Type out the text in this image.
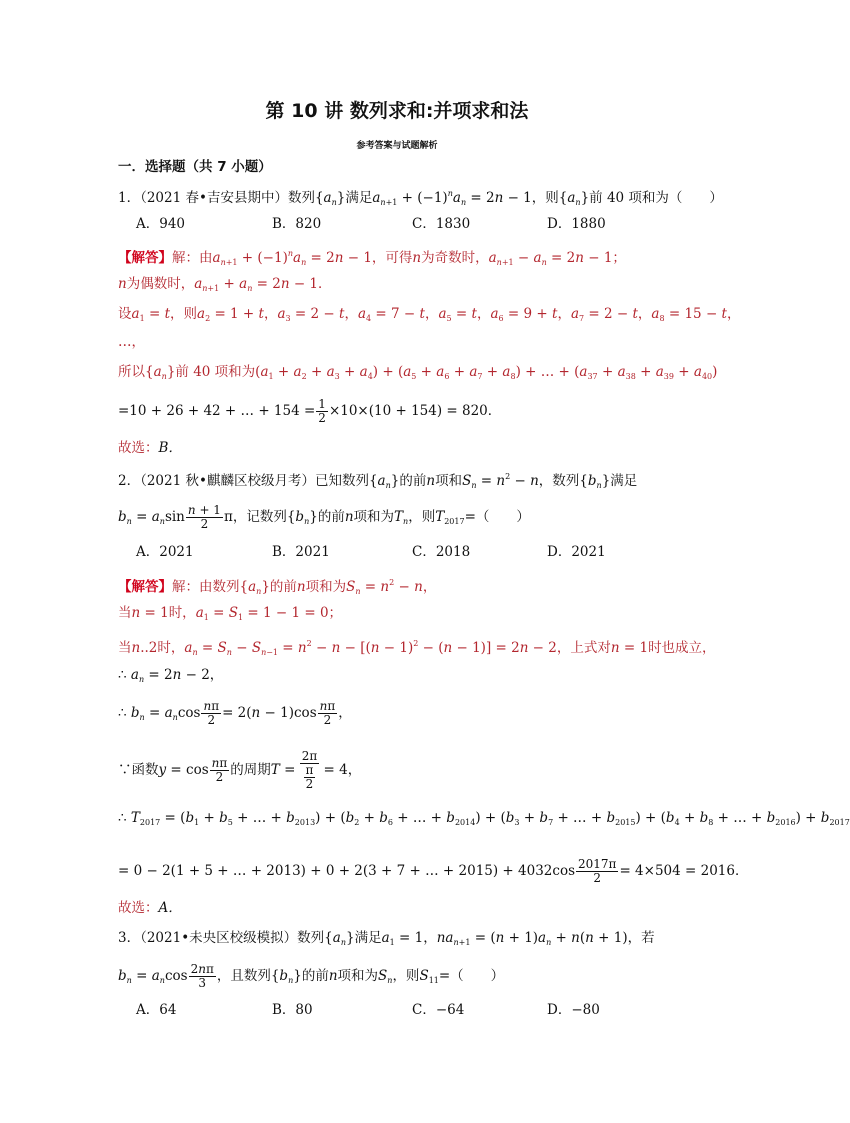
第 10 讲 数列求和:并项求和法
参考答案与试题解析
一．选择题（共 7 小题）
1．（2021 春•吉安县期中）数列$\{a_n\}$满足$a_{n+1} + (-1)^na_n = 2n - 1$，则$\{a_n\}$前 40 项和为（　　）
A．940	B．820	C．1830	D．1880
【解答】解：由$a_{n+1} + (-1)^na_n = 2n - 1$，可得n为奇数时，$a_{n+1} - a_n = 2n - 1$；
n为偶数时，$a_{n+1} + a_n = 2n - 1$．
设$a_1 = t$，则$a_2 = 1 + t$，$a_3 = 2 - t$，$a_4 = 7 - t$，$a_5 = t$，$a_6 = 9 + t$，$a_7 = 2 - t$，$a_8 = 15 - t$，
…，
所以$\{a_n\}$前 40 项和为$(a_1 + a_2 + a_3 + a_4) + (a_5 + a_6 + a_7 + a_8)$ + … + $(a_{37} + a_{38} + a_{39} + a_{40})$
=10 + 26 + 42 + … + $154 = \frac{1}{2} \times 10\times(10 + 154) = 820$．
故选：B．
2．（2021 秋•麒麟区校级月考）已知数列$\{a_n\}$的前n项和$S_n = n^2 - n$，数列$\{b_n\}$满足
$b_n = a_n\sin \frac{n + 1}{2}$ π，记数列$\{b_n\}$的前n项和为$T_n$，则$T_{2017}=$（　　）
A．2021	B．2021	C．2018	D．2021
【解答】解：由数列$\{a_n\}$的前n项和为$S_n = n^2 - n$，
当n = 1时，$a_1 = S_1 = 1 - 1 = 0$；
当n..2时，$a_n = S_n - S_{n-1} = n^2 - n - [(n - 1)^2 - (n - 1)] = 2n - 2$，上式对n = 1时也成立，
∴ $a_n = 2n - 2$，
∴ $b_n = a_n\cos \frac{n\pi}{2} = 2(n - 1)\cos \frac{n\pi}{2}$ ，
∵函数$y = \cos \frac{n\pi}{2}$ 的周期$T = \frac{2\pi}{\frac{\pi}{2}} = 4$，
∴ $T_{2017} = (b_1 + b_5$ + … + $b_{2013}) + (b_2 + b_6$ + … + $b_{2014}) + (b_3 + b_7$ + … + $b_{2015}) + (b_4 + b_8$ + … + $b_{2016}) + b_{2017}$
= 0 − 2(1 + 5 + … + 2013) + 0 + 2(3 + 7 + … + $2015) + 4032\cos \frac{2017\pi}{2} = 4\times 504 = 2016$．
故选：A．
3．（2021•未央区校级模拟）数列$\{a_n\}$满足$a_1 = 1$，$na_{n+1} = (n + 1)a_n + n(n + 1)$，若
$b_n = a_n\cos \frac{2n\pi}{3}$ ，且数列$\{b_n\}$的前n项和为$S_n$，则$S_{11}=$（　　）
A．64	B．80	C．−64	D．−80
